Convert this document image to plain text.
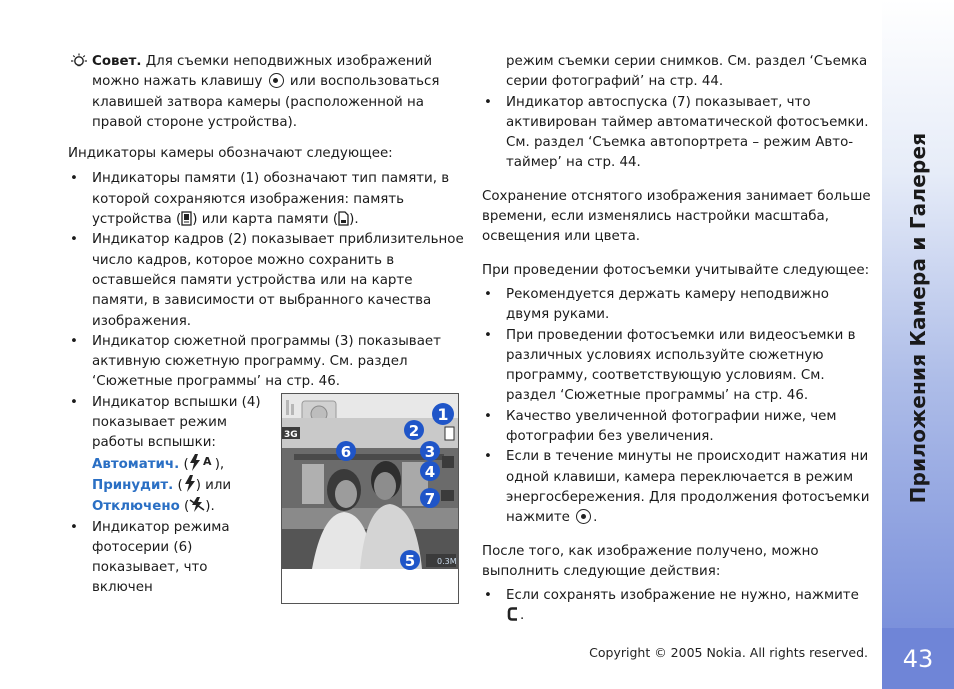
Совет. Для съемки неподвижных изображений можно нажать клавишу  или воспользоваться клавишей затвора камеры (расположенной на правой стороне устройства).

Индикаторы камеры обозначают следующее:

• Индикаторы памяти (1) обозначают тип памяти, в которой сохраняются изображения: память устройства ( ) или карта памяти ( ).
• Индикатор кадров (2) показывает приблизительное число кадров, которое можно сохранить в оставшейся памяти устройства или на карте памяти, в зависимости от выбранного качества изображения.
• Индикатор сюжетной программы (3) показывает активную сюжетную программу. См. раздел ‘Сюжетные программы’ на стр. 46.
• Индикатор вспышки (4) показывает режим работы вспышки:
Автоматич. ( A ),
Принудит. ( ) или
Отключено ( ).
• Индикатор режима фотосерии (6) показывает, что включен
3G
0.3M
1
2
3
4
5
6
7

режим съемки серии снимков. См. раздел ‘Съемка серии фотографий’ на стр. 44.

• Индикатор автоспуска (7) показывает, что активирован таймер автоматической фотосъемки. См. раздел ‘Съемка автопортрета – режим Авто-таймер’ на стр. 44.

Сохранение отснятого изображения занимает больше времени, если изменялись настройки масштаба, освещения или цвета.

При проведении фотосъемки учитывайте следующее:

• Рекомендуется держать камеру неподвижно двумя руками.
• При проведении фотосъемки или видеосъемки в различных условиях используйте сюжетную программу, соответствующую условиям. См. раздел ‘Сюжетные программы’ на стр. 46.
• Качество увеличенной фотографии ниже, чем фотографии без увеличения.
• Если в течение минуты не происходит нажатия ни одной клавиши, камера переключается в режим энергосбережения. Для продолжения фотосъемки нажмите .

После того, как изображение получено, можно выполнить следующие действия:

• Если сохранять изображение не нужно, нажмите .
Приложения Камера и Галерея
43
Copyright © 2005 Nokia. All rights reserved.
